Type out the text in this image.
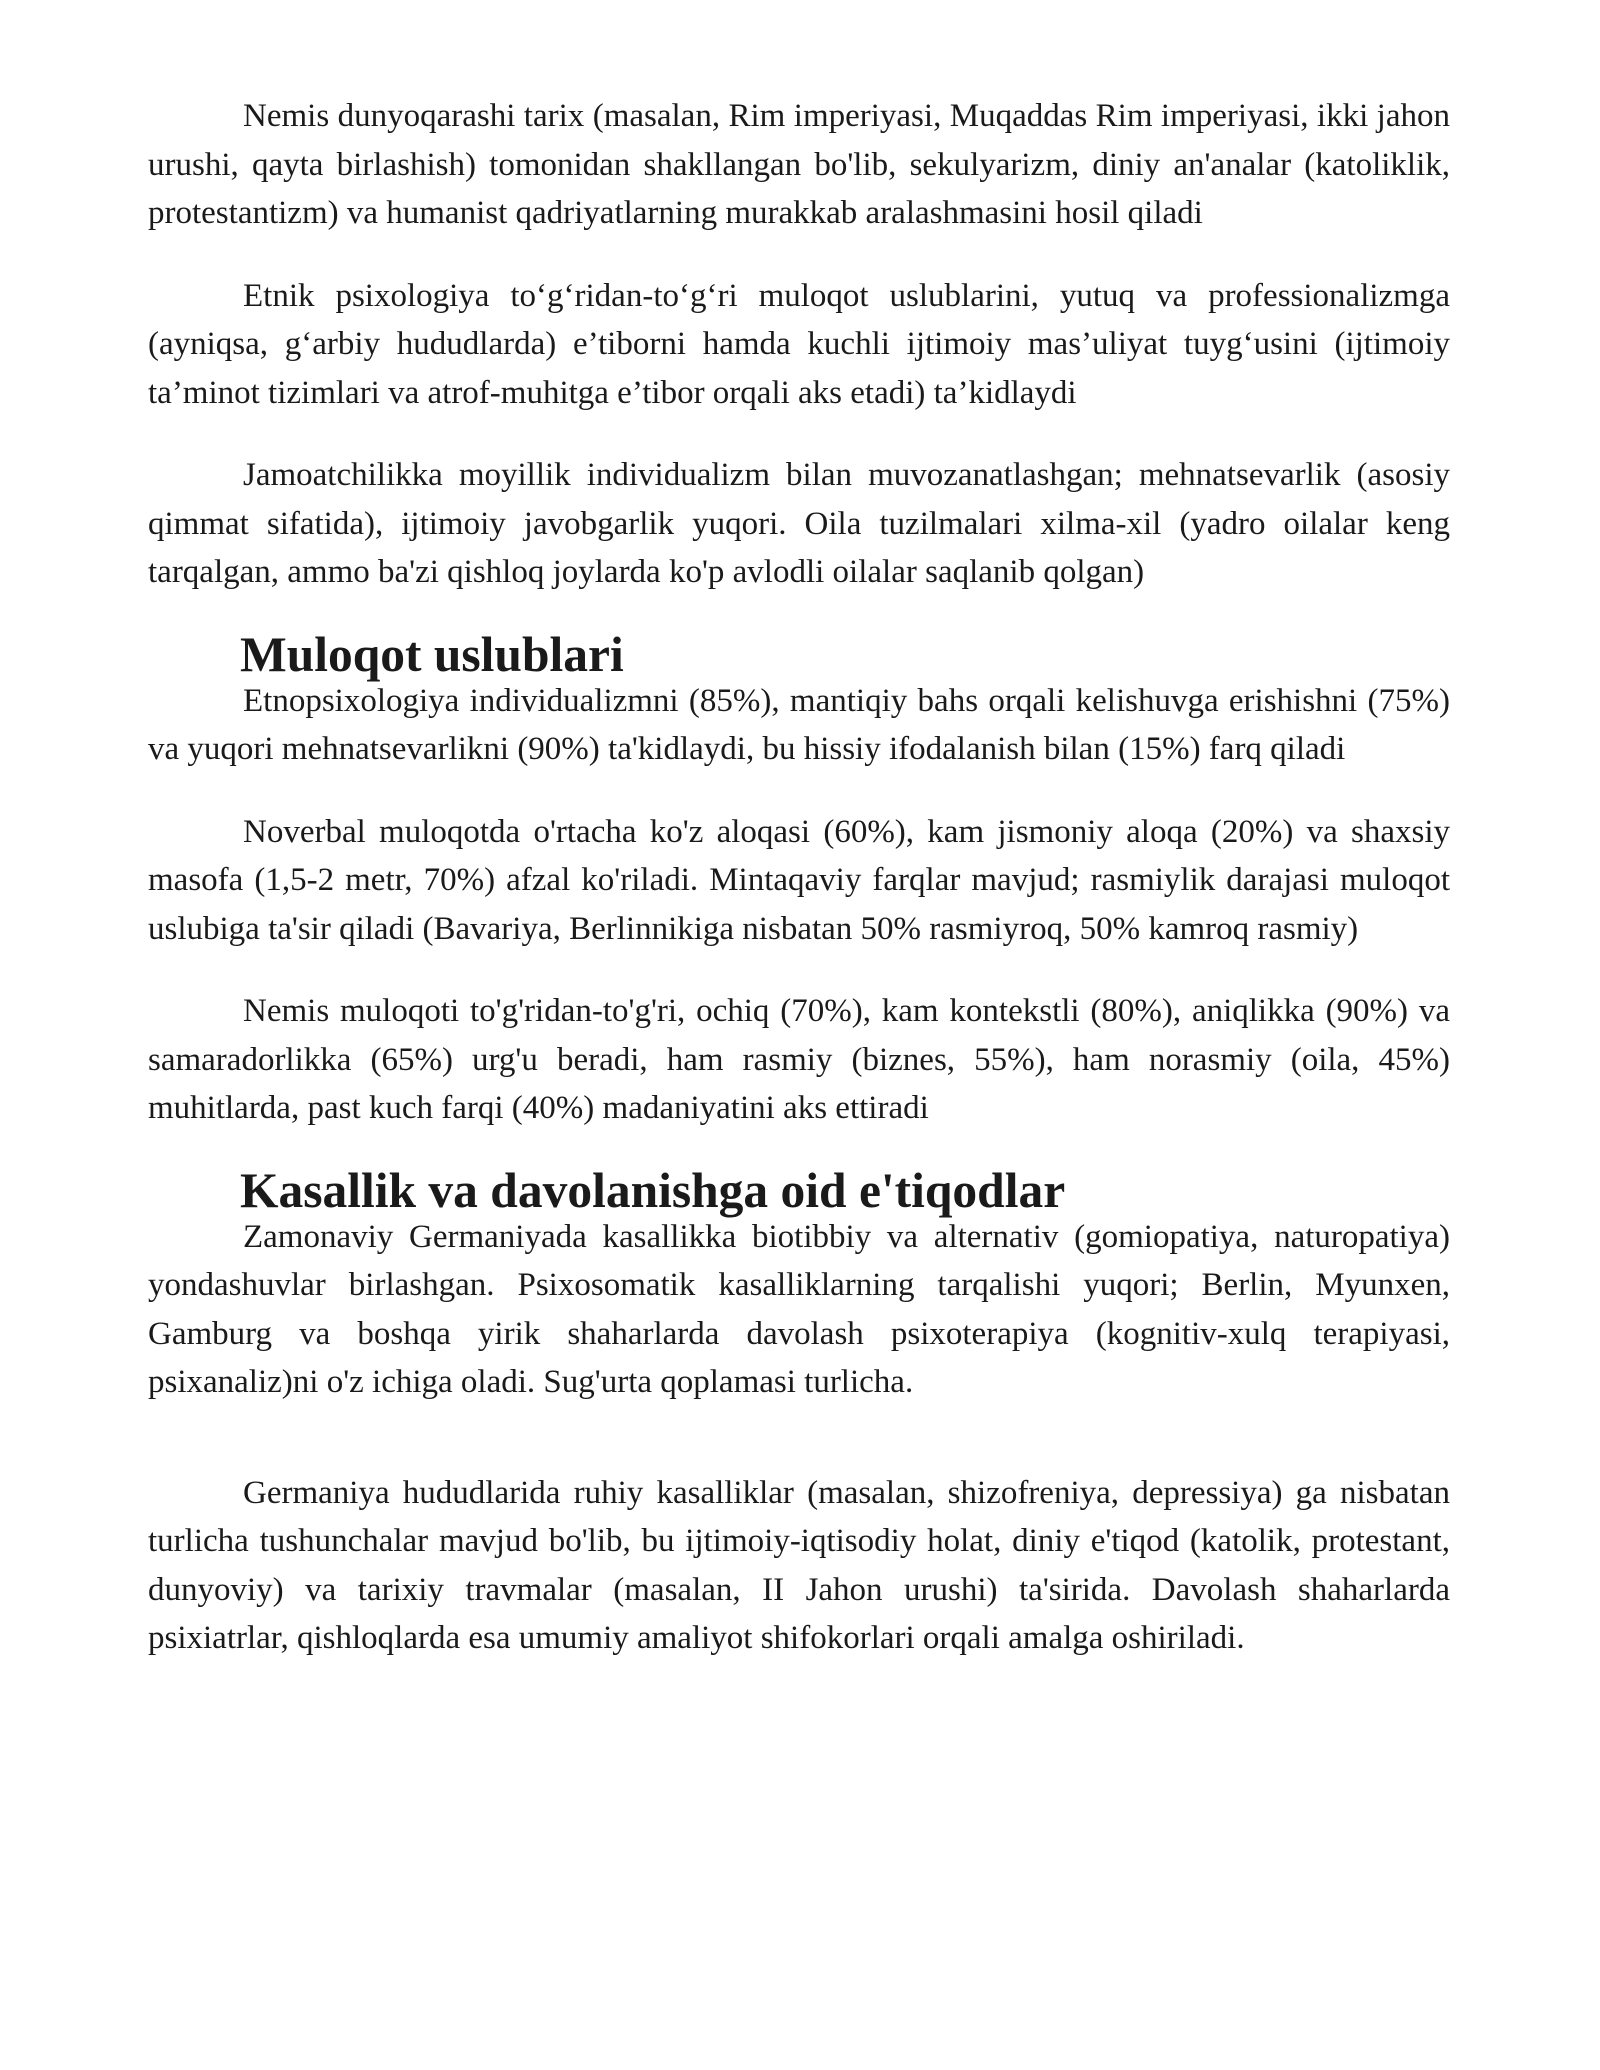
Nemis dunyoqarashi tarix (masalan, Rim imperiyasi, Muqaddas Rim imperiyasi, ikki jahon urushi, qayta birlashish) tomonidan shakllangan bo'lib, sekulyarizm, diniy an'analar (katoliklik, protestantizm) va humanist qadriyatlarning murakkab aralashmasini hosil qiladi

Etnik psixologiya to‘g‘ridan-to‘g‘ri muloqot uslublarini, yutuq va professionalizmga (ayniqsa, g‘arbiy hududlarda) e’tiborni hamda kuchli ijtimoiy mas’uliyat tuyg‘usini (ijtimoiy ta’minot tizimlari va atrof-muhitga e’tibor orqali aks etadi) ta’kidlaydi

Jamoatchilikka moyillik individualizm bilan muvozanatlashgan; mehnatsevarlik (asosiy qimmat sifatida), ijtimoiy javobgarlik yuqori. Oila tuzilmalari xilma-xil (yadro oilalar keng tarqalgan, ammo ba'zi qishloq joylarda ko'p avlodli oilalar saqlanib qolgan)

Muloqot uslublari

Etnopsixologiya individualizmni (85%), mantiqiy bahs orqali kelishuvga erishishni (75%) va yuqori mehnatsevarlikni (90%) ta'kidlaydi, bu hissiy ifodalanish bilan (15%) farq qiladi

Noverbal muloqotda o'rtacha ko'z aloqasi (60%), kam jismoniy aloqa (20%) va shaxsiy masofa (1,5-2 metr, 70%) afzal ko'riladi. Mintaqaviy farqlar mavjud; rasmiylik darajasi muloqot uslubiga ta'sir qiladi (Bavariya, Berlinnikiga nisbatan 50% rasmiyroq, 50% kamroq rasmiy)

Nemis muloqoti to'g'ridan-to'g'ri, ochiq (70%), kam kontekstli (80%), aniqlikka (90%) va samaradorlikka (65%) urg'u beradi, ham rasmiy (biznes, 55%), ham norasmiy (oila, 45%) muhitlarda, past kuch farqi (40%) madaniyatini aks ettiradi

Kasallik va davolanishga oid e'tiqodlar

Zamonaviy Germaniyada kasallikka biotibbiy va alternativ (gomiopatiya, naturopatiya) yondashuvlar birlashgan. Psixosomatik kasalliklarning tarqalishi yuqori; Berlin, Myunxen, Gamburg va boshqa yirik shaharlarda davolash psixoterapiya (kognitiv-xulq terapiyasi, psixanaliz)ni o'z ichiga oladi. Sug'urta qoplamasi turlicha.

Germaniya hududlarida ruhiy kasalliklar (masalan, shizofreniya, depressiya) ga nisbatan turlicha tushunchalar mavjud bo'lib, bu ijtimoiy-iqtisodiy holat, diniy e'tiqod (katolik, protestant, dunyoviy) va tarixiy travmalar (masalan, II Jahon urushi) ta'sirida. Davolash shaharlarda psixiatrlar, qishloqlarda esa umumiy amaliyot shifokorlari orqali amalga oshiriladi.
